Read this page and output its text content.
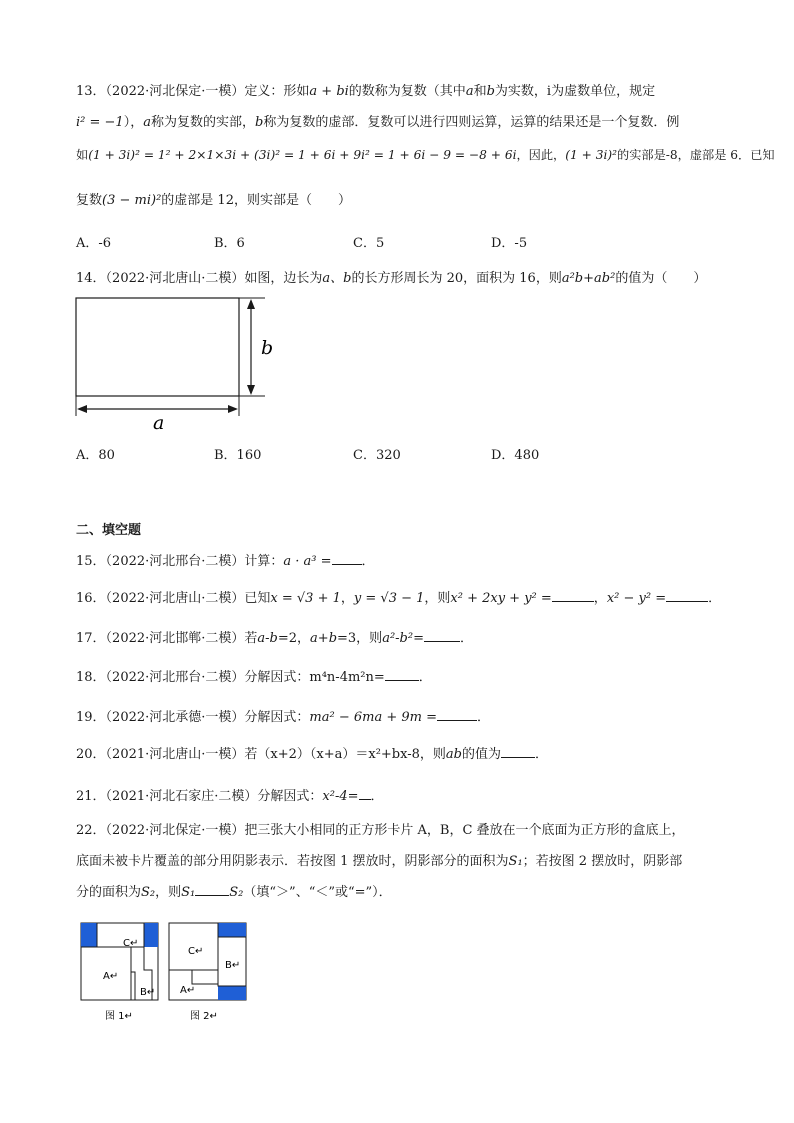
13．（2022·河北保定·一模）定义：形如a + bi的数称为复数（其中a和b为实数，i为虚数单位，规定
i² = −1），a称为复数的实部，b称为复数的虚部．复数可以进行四则运算，运算的结果还是一个复数．例
如(1 + 3i)² = 1² + 2×1×3i + (3i)² = 1 + 6i + 9i² = 1 + 6i − 9 = −8 + 6i，因此，(1 + 3i)²的实部是-8，虚部是 6．已知
复数(3 − mi)²的虚部是 12，则实部是（　　）
A．-6	B．6	C．5	D．-5
14．（2022·河北唐山·二模）如图，边长为a、b的长方形周长为 20，面积为 16，则a²b+ab²的值为（　　）
b
a
A．80	B．160	C．320	D．480
二、填空题
15．（2022·河北邢台·二模）计算：a · a³ = ．
16．（2022·河北唐山·二模）已知x = √3 + 1，y = √3 − 1，则x² + 2xy + y² =	，x² − y² =	．
17．（2022·河北邯郸·二模）若a-b=2，a+b=3，则a²-b²=	．
18．（2022·河北邢台·二模）分解因式：m⁴n-4m²n=	．
19．（2022·河北承德·一模）分解因式：ma² − 6ma + 9m =	．
20．（2021·河北唐山·一模）若（x+2）（x+a）＝x²+bx-8，则ab的值为	．
21．（2021·河北石家庄·二模）分解因式：x²-4= ．
22．（2022·河北保定·一模）把三张大小相同的正方形卡片 A，B，C 叠放在一个底面为正方形的盒底上，
底面未被卡片覆盖的部分用阴影表示．若按图 1 摆放时，阴影部分的面积为S₁；若按图 2 摆放时，阴影部
分的面积为S₂，则S₁	S₂（填“＞”、“＜”或“=”）．
C↵
A↵
B↵
图 1↵
C↵
B↵
A↵
图 2↵
